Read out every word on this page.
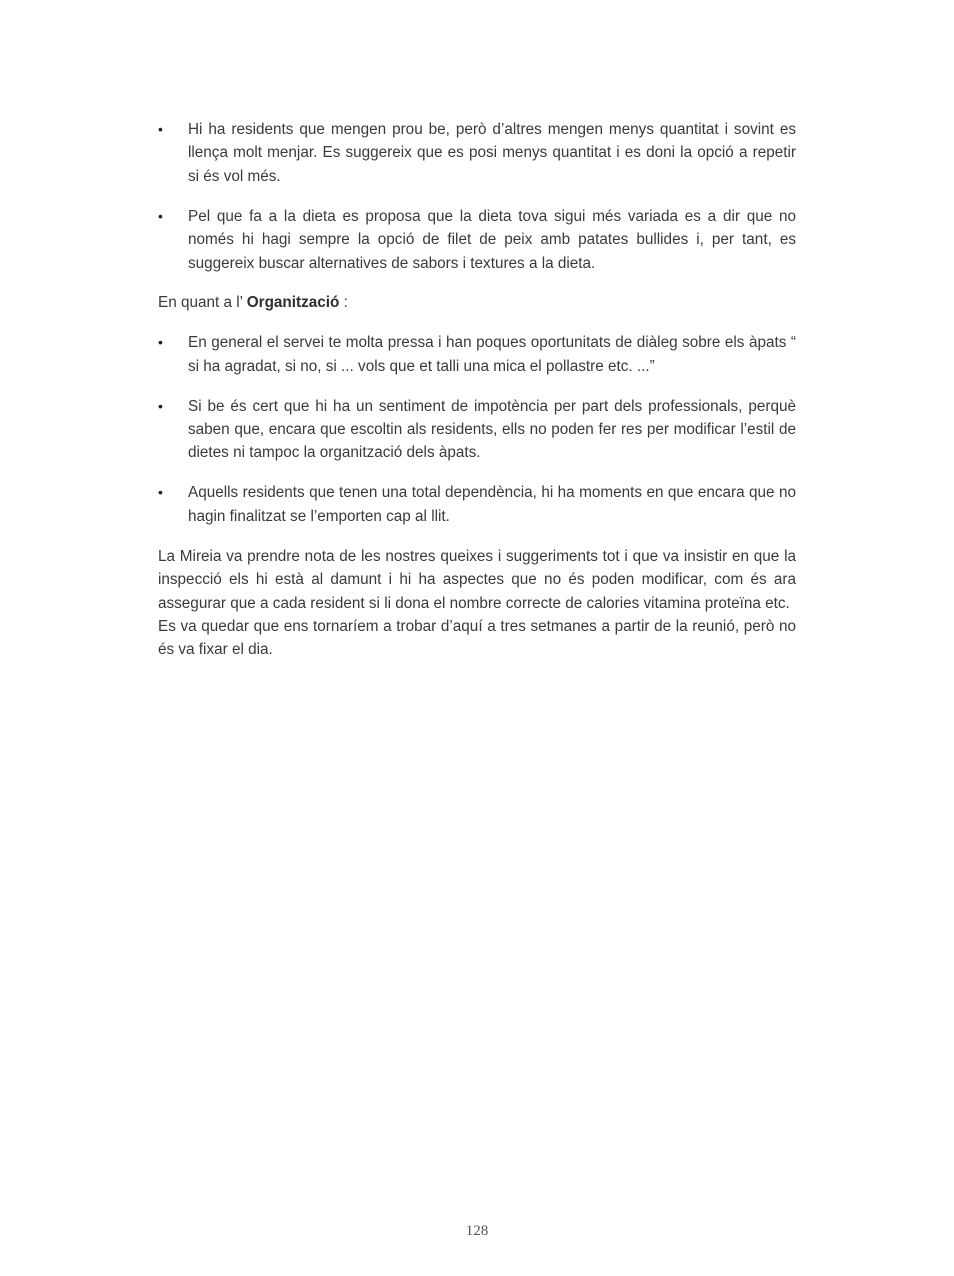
•	Hi ha residents que mengen prou be, però d’altres mengen menys quantitat i sovint es llença molt menjar. Es suggereix que es posi menys quantitat i es doni la opció a repetir si és vol més.
•	Pel que fa a la dieta es proposa que la dieta tova sigui més variada es a dir que no només hi hagi sempre la opció de filet de peix amb patates bullides i, per tant, es suggereix buscar alternatives de sabors i textures a la dieta.

En quant a l’ Organització :

•	En general el servei te molta pressa i han poques oportunitats de diàleg sobre els àpats “ si ha agradat, si no, si ... vols que et talli una mica el pollastre etc. ...”
•	Si be és cert que hi ha un sentiment de impotència per part dels professionals, perquè saben que, encara que escoltin als residents, ells no poden fer res per modificar l’estil de dietes ni tampoc la organització dels àpats.
•	Aquells residents que tenen una total dependència, hi ha moments en que encara que no hagin finalitzat se l’emporten cap al llit.

La Mireia va prendre nota de les nostres queixes i suggeriments tot i que va insistir en que la inspecció els hi està al damunt i hi ha aspectes que no és poden modificar, com és ara assegurar que a cada resident si li dona el nombre correcte de calories vitamina proteïna etc.

Es va quedar que ens tornaríem a trobar d’aquí a tres setmanes a partir de la reunió, però no és va fixar el dia.

128
